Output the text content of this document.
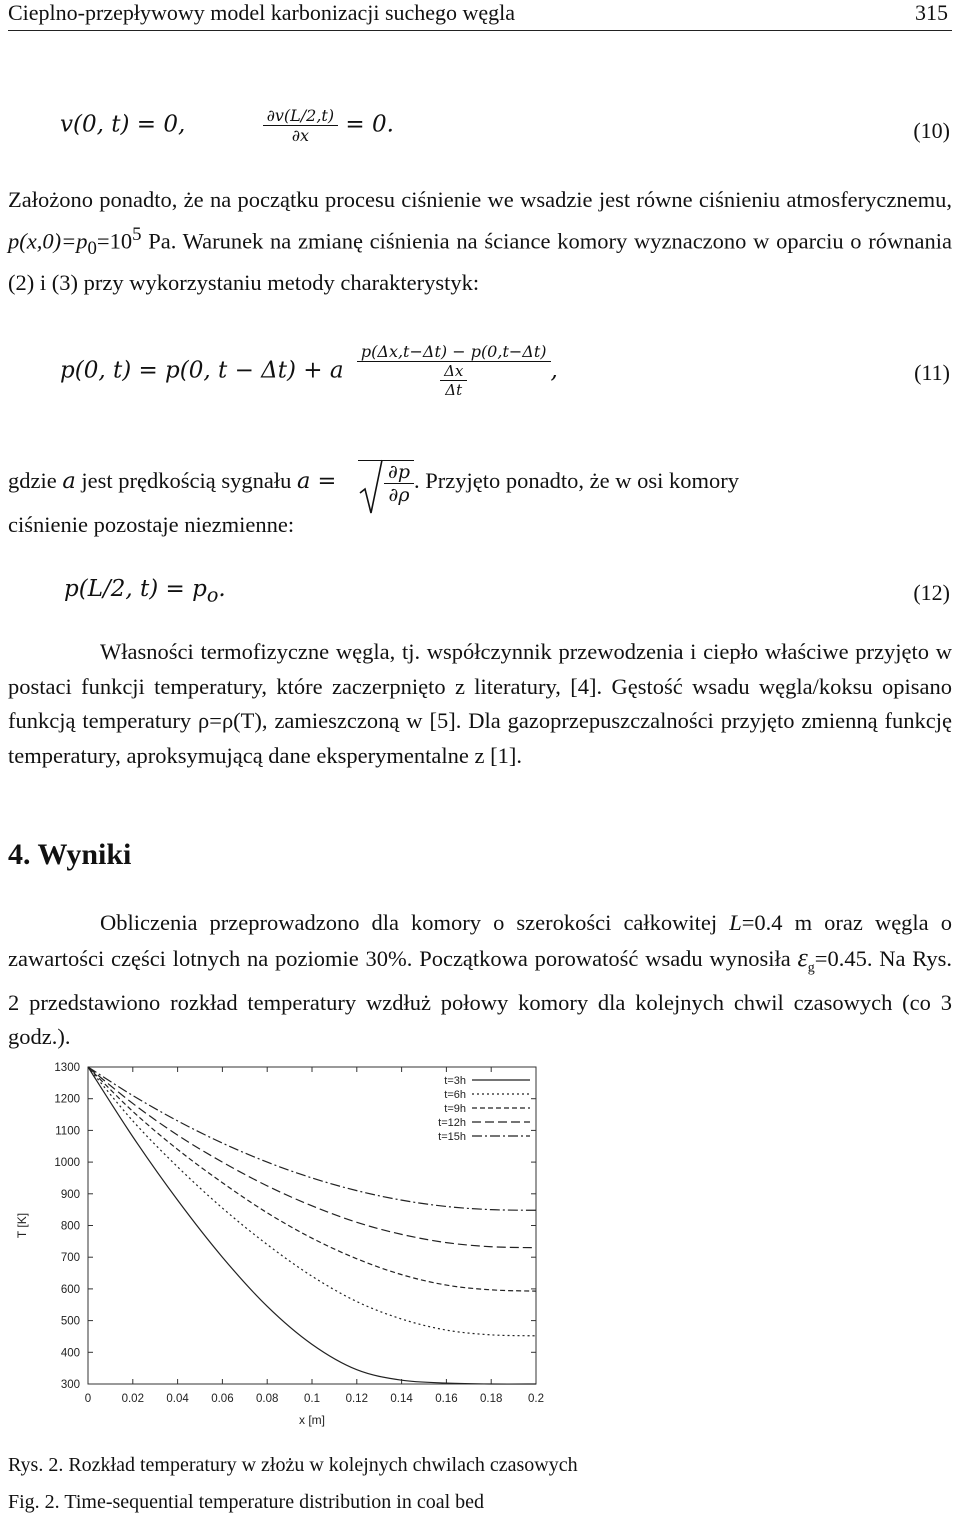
Cieplno-przepływowy model karbonizacji suchego węgla	315
v(0, t) = 0,	$\frac{\partial v(L/2,t)}{\partial x} = 0$.	(10)
Założono ponadto, że na początku procesu ciśnienie we wsadzie jest równe ciśnieniu atmosferycznemu, $p(x,0)=p_0=10^5$ Pa. Warunek na zmianę ciśnienia na ściance komory wyznaczono w oparciu o równania (2) i (3) przy wykorzystaniu metody charakterystyk:
p(0, t) = p(0, t − Δt) + a $\frac{p(\Delta x,t-\Delta t) - p(0,t-\Delta t)}{\frac{\Delta x}{\Delta t}}$ ,	(11)
gdzie a jest prędkością sygnału a =	$\frac{\partial p}{\partial\rho}$ . Przyjęto ponadto, że w osi komory
ciśnienie pozostaje niezmienne:
p(L/2, $t) = p_o$.	(12)
Własności termofizyczne węgla, tj. współczynnik przewodzenia i ciepło właściwe przyjęto w postaci funkcji temperatury, które zaczerpnięto z literatury, [4]. Gęstość wsadu węgla/koksu opisano funkcją temperatury ρ=ρ(T), zamieszczoną w [5]. Dla gazoprzepuszczalności przyjęto zmienną funkcję temperatury, aproksymującą dane eksperymentalne z [1].
4. Wyniki
Obliczenia przeprowadzono dla komory o szerokości całkowitej L=0.4 m oraz węgla o zawartości części lotnych na poziomie 30%. Początkowa porowatość wsadu wynosiła $\varepsilon_g=0.45$. Na Rys. 2 przedstawiono rozkład temperatury wzdłuż połowy komory dla kolejnych chwil czasowych (co 3 godz.).
300
400
500
600
700
800
900
1000
1100
1200
1300
0	0.02 0.04 0.06 0.08 0.1 0.12 0.14 0.16 0.18 0.2
t=3h
t=6h
t=9h
t=12h
t=15h
T [K]
x [m]
Rys. 2. Rozkład temperatury w złożu w kolejnych chwilach czasowych
Fig. 2. Time-sequential temperature distribution in coal bed
